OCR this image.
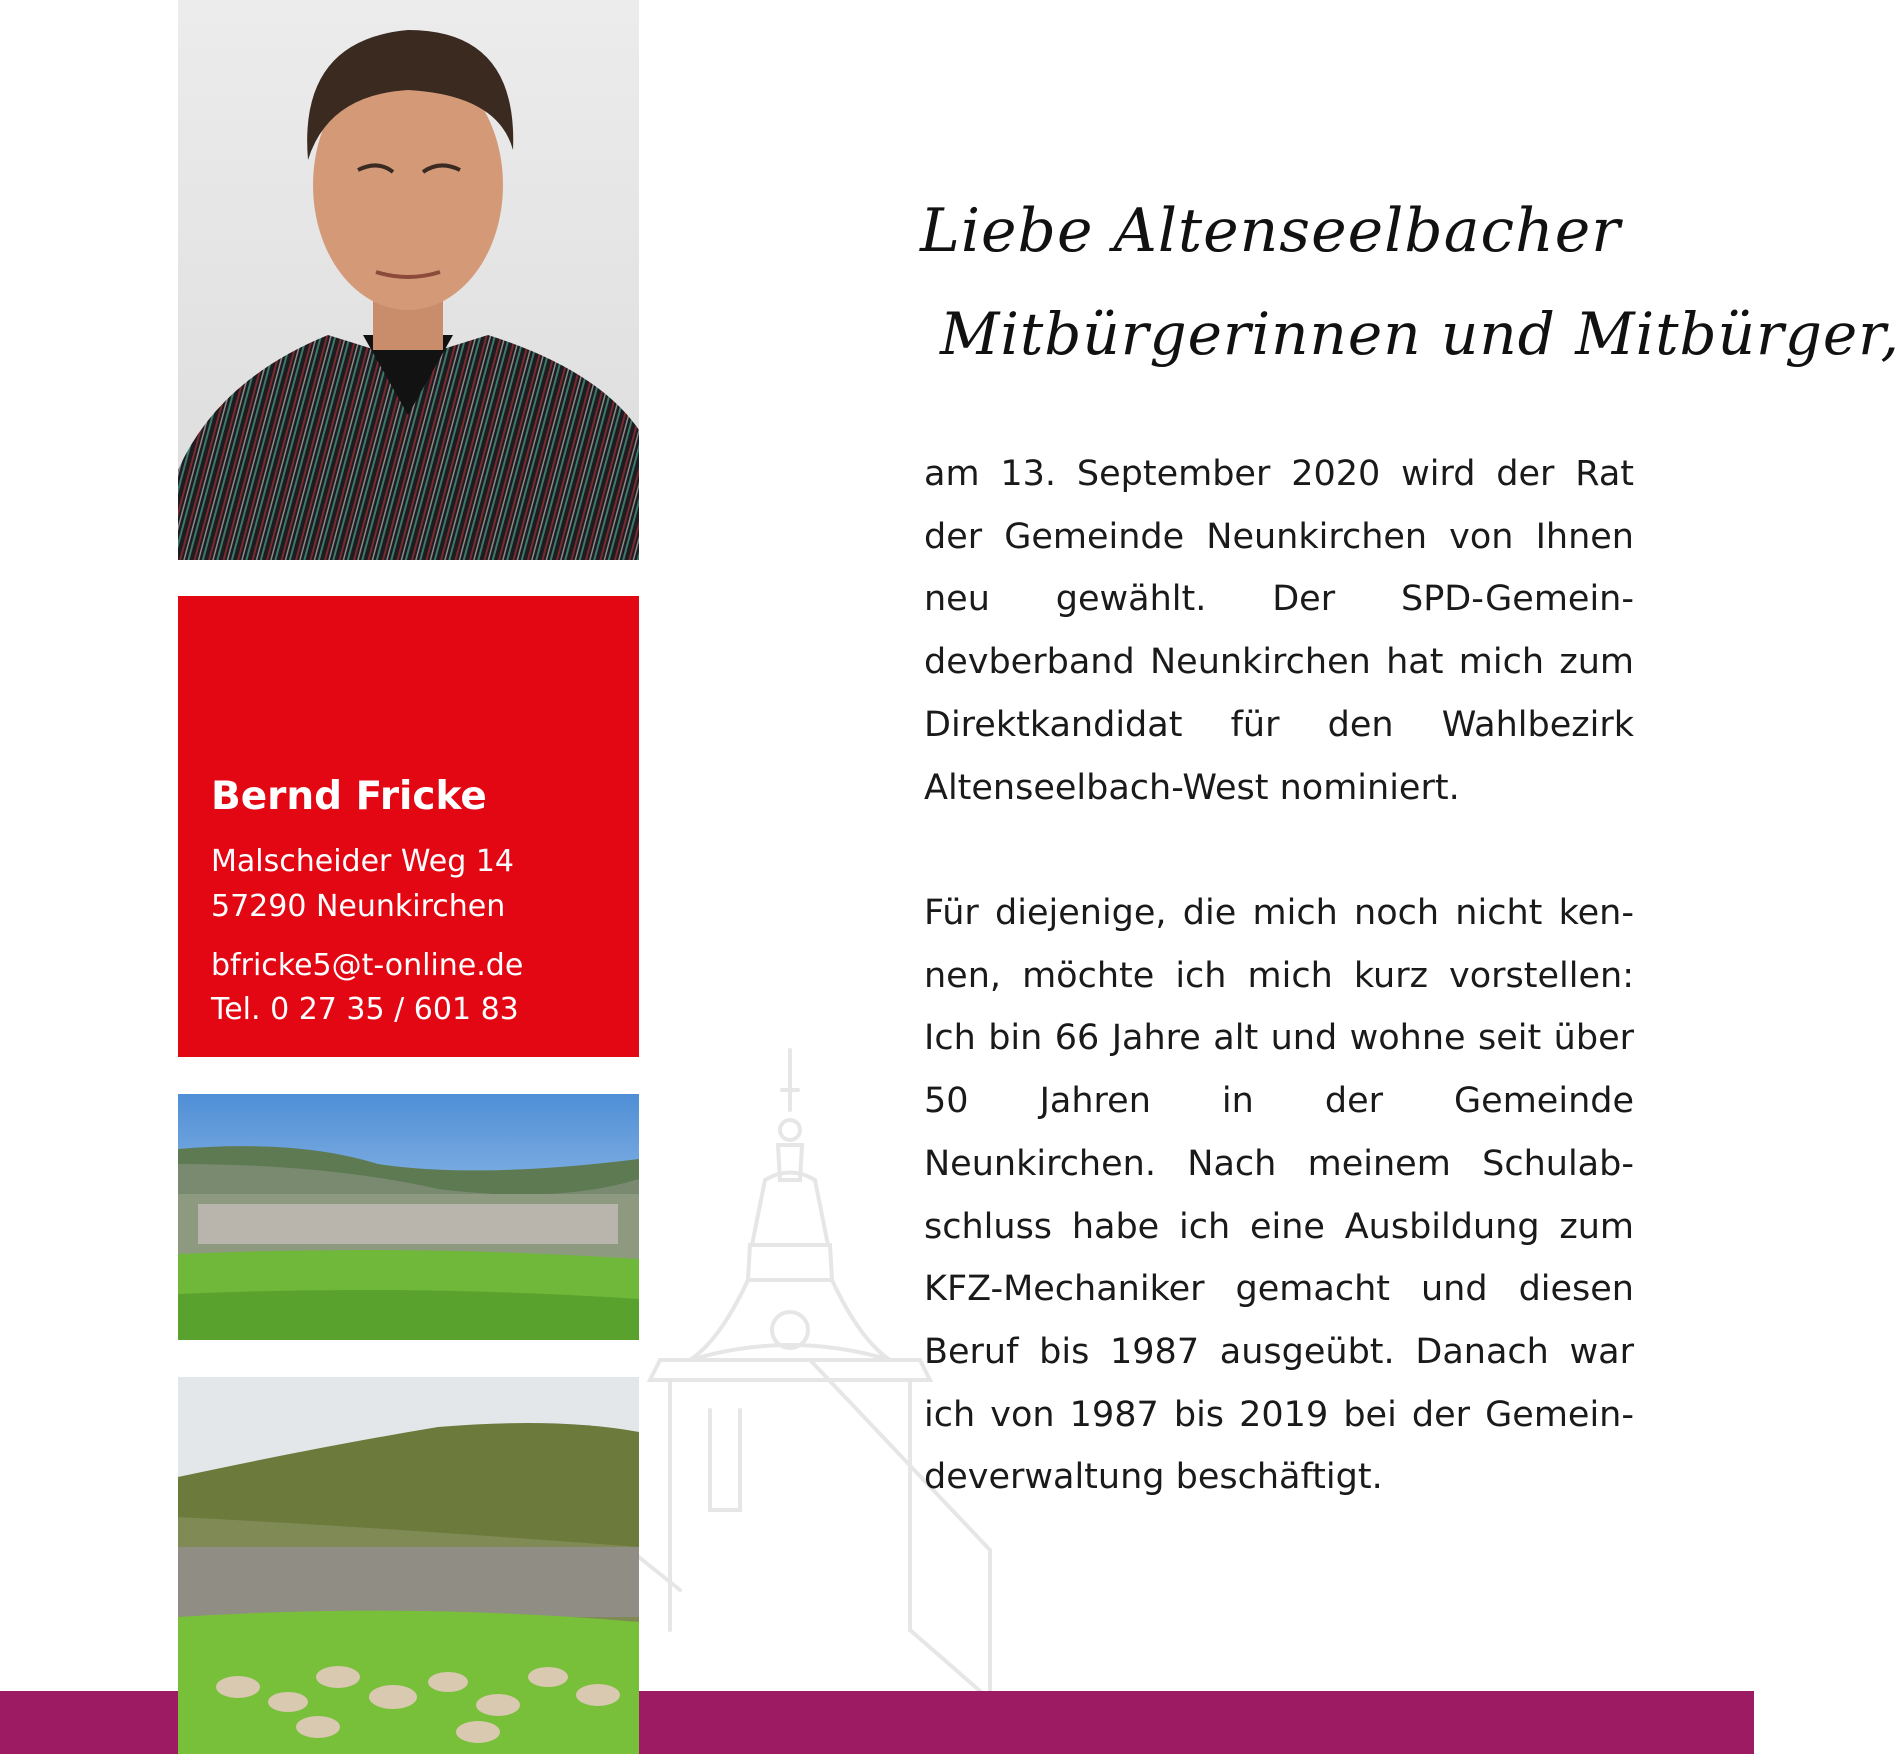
Bernd Fricke
Malscheider Weg 14
57290 Neunkirchen
bfricke5@t-online.de
Tel. 0 27 35 / 601 83
Liebe Altenseelbacher
Mitbürgerinnen und Mitbürger,
am 13. September 2020 wird der Rat der Gemeinde Neunkirchen von Ihnen neu gewählt. Der SPD-Gemeindevberband Neunkirchen hat mich zum Direktkandidat für den Wahlbezirk Altenseelbach-West nominiert.
Für diejenige, die mich noch nicht kennen, möchte ich mich kurz vorstellen: Ich bin 66 Jahre alt und wohne seit über 50 Jahren in der Gemeinde Neunkirchen. Nach meinem Schulabschluss habe ich eine Ausbildung zum KFZ-Mechaniker gemacht und diesen Beruf bis 1987 ausgeübt. Danach war ich von 1987 bis 2019 bei der Gemeindeverwaltung beschäftigt.
